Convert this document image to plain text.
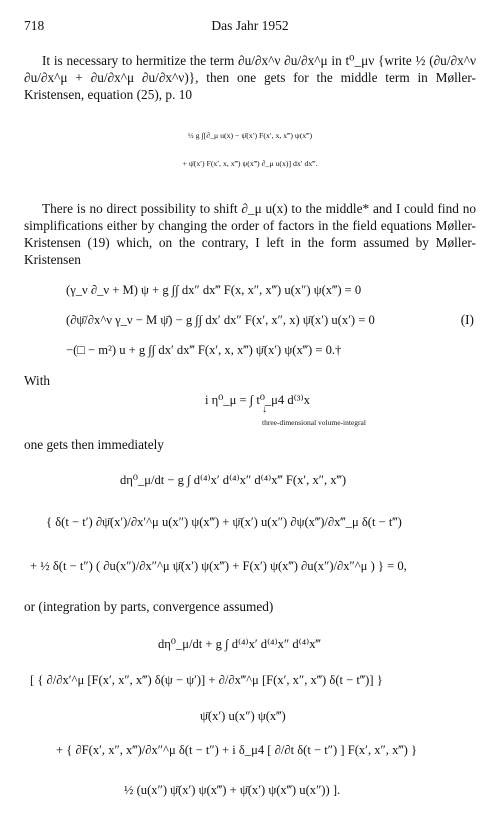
718	Das Jahr 1952
It is necessary to hermitize the term ∂u/∂x^ν ∂u/∂x^μ in t⁰_μν {write ½ (∂u/∂x^ν ∂u/∂x^μ + ∂u/∂x^μ ∂u/∂x^ν)}, then one gets for the middle term in Møller-Kristensen, equation (25), p. 10
½ g ∫[∂_μ u(x) − ψ̄(x′) F(x′, x, x‴) ψ(x‴)
+ ψ̄(x′) F(x′, x, x‴) ψ(x‴) ∂_μ u(x)] dx′ dx‴.
There is no direct possibility to shift ∂_μ u(x) to the middle* and I could find no simplifications either by changing the order of factors in the field equations Møller-Kristensen (19) which, on the contrary, I left in the form assumed by Møller-Kristensen
(γ_ν ∂_ν + M) ψ + g ∫∫ dx″ dx‴ F(x, x″, x‴) u(x″) ψ(x‴) = 0
(∂ψ̄/∂x^ν γ_ν − M ψ̄) − g ∫∫ dx′ dx″ F(x′, x″, x) ψ̄(x′) u(x′) = 0	(I)
−(□ − m²) u + g ∫∫ dx′ dx‴ F(x′, x, x‴) ψ̄(x′) ψ(x‴) = 0.†
With
i η⁰_μ = ∫ t⁰_μ4 d⁽³⁾x
↓
three-dimensional volume-integral
one gets then immediately
dη⁰_μ/dt − g ∫ d⁽⁴⁾x′ d⁽⁴⁾x″ d⁽⁴⁾x‴ F(x′, x″, x‴)
{ δ(t − t′) ∂ψ̄(x′)/∂x′^μ u(x″) ψ(x‴) + ψ̄(x′) u(x″) ∂ψ(x‴)/∂x‴_μ δ(t − t‴)
+ ½ δ(t − t″) ( ∂u(x″)/∂x″^μ ψ̄(x′) ψ(x‴) + F(x′) ψ(x‴) ∂u(x″)/∂x″^μ ) } = 0,
or (integration by parts, convergence assumed)
dη⁰_μ/dt + g ∫ d⁽⁴⁾x′ d⁽⁴⁾x″ d⁽⁴⁾x‴
[ { ∂/∂x′^μ [F(x′, x″, x‴) δ(ψ − ψ′)] + ∂/∂x‴^μ [F(x′, x″, x‴) δ(t − t‴)] }
ψ̄(x′) u(x″) ψ(x‴)
+ { ∂F(x′, x″, x‴)/∂x″^μ δ(t − t″) + i δ_μ4 [ ∂/∂t δ(t − t″) ] F(x′, x″, x‴) }
½ (u(x″) ψ̄(x′) ψ(x‴) + ψ̄(x′) ψ(x‴) u(x″)) ].
